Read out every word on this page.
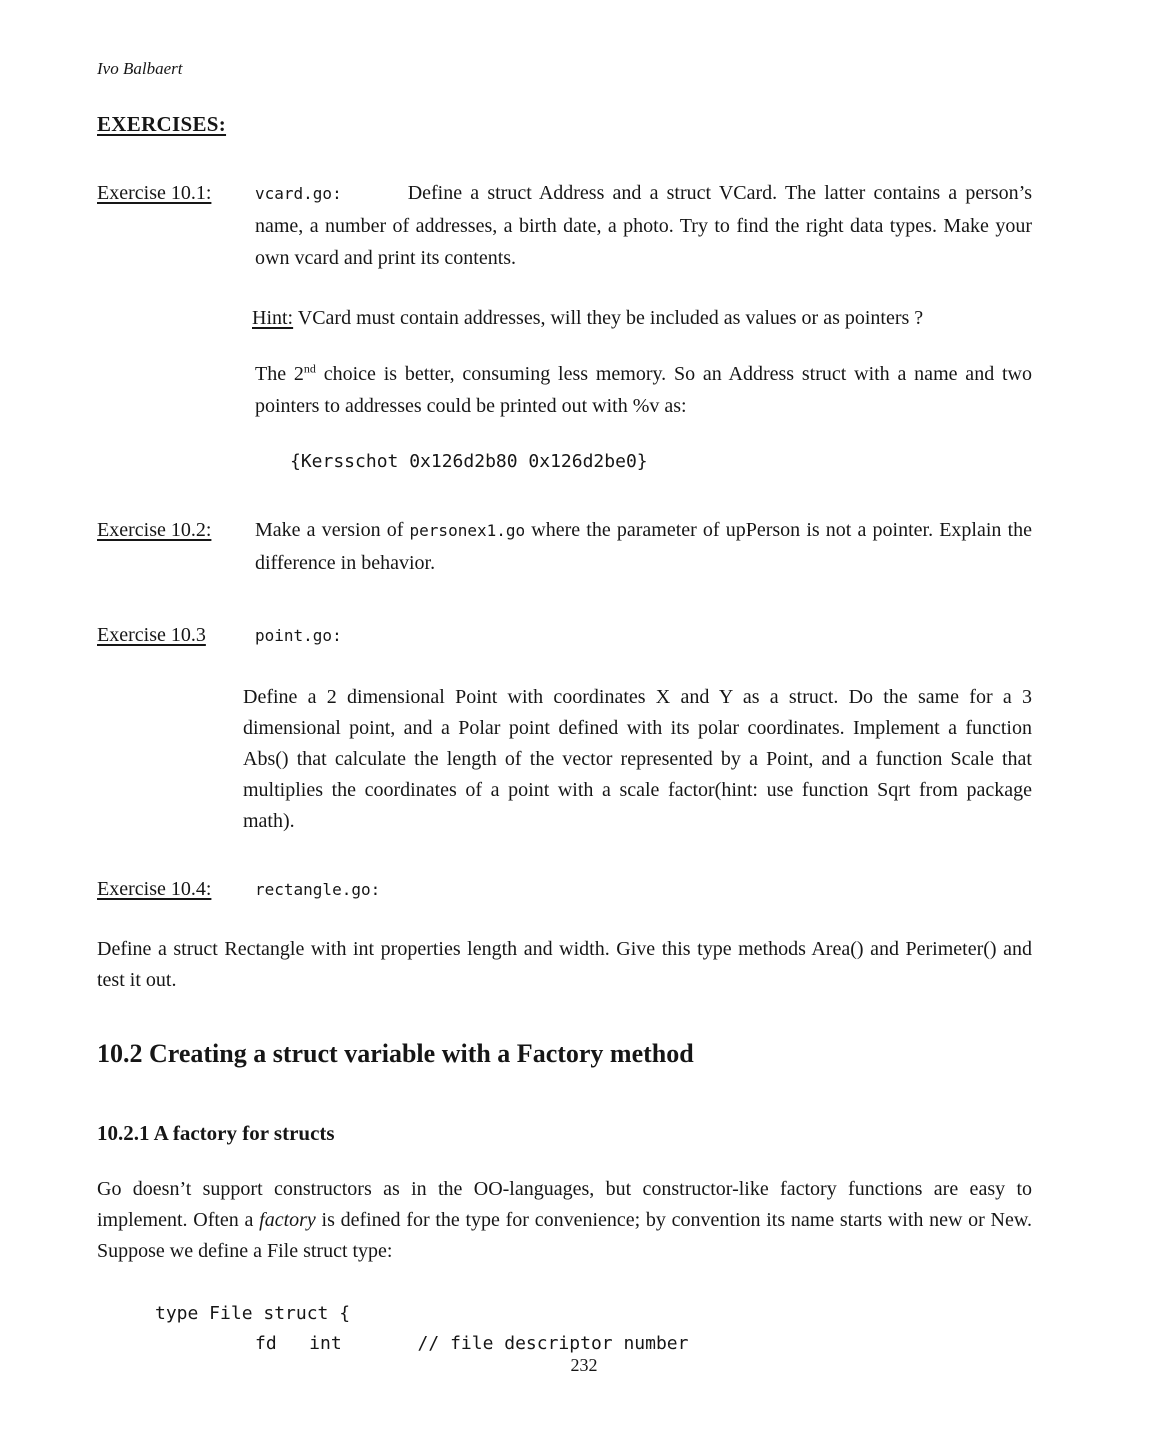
Ivo Balbaert
EXERCISES:
Exercise 10.1:	vcard.go:	Define a struct Address and a struct VCard. The latter contains a person’s name, a number of addresses, a birth date, a photo. Try to find the right data types. Make your own vcard and print its contents.
Hint: VCard must contain addresses, will they be included as values or as pointers ?

The 2nd choice is better, consuming less memory. So an Address struct with a name and two pointers to addresses could be printed out with %v as:

{Kersschot 0x126d2b80 0x126d2be0}
Exercise 10.2:	Make a version of personex1.go where the parameter of upPerson is not a pointer. Explain the difference in behavior.
Exercise 10.3	point.go:

Define a 2 dimensional Point with coordinates X and Y as a struct. Do the same for a 3 dimensional point, and a Polar point defined with its polar coordinates. Implement a function Abs() that calculate the length of the vector represented by a Point, and a function Scale that multiplies the coordinates of a point with a scale factor(hint: use function Sqrt from package math).

Exercise 10.4:	rectangle.go:

Define a struct Rectangle with int properties length and width. Give this type methods Area() and Perimeter() and test it out.

10.2 Creating a struct variable with a Factory method
10.2.1 A factory for structs

Go doesn’t support constructors as in the OO-languages, but constructor-like factory functions are easy to implement. Often a factory is defined for the type for convenience; by convention its name starts with new or New. Suppose we define a File struct type:

type File struct {
fd   int       // file descriptor number
232
